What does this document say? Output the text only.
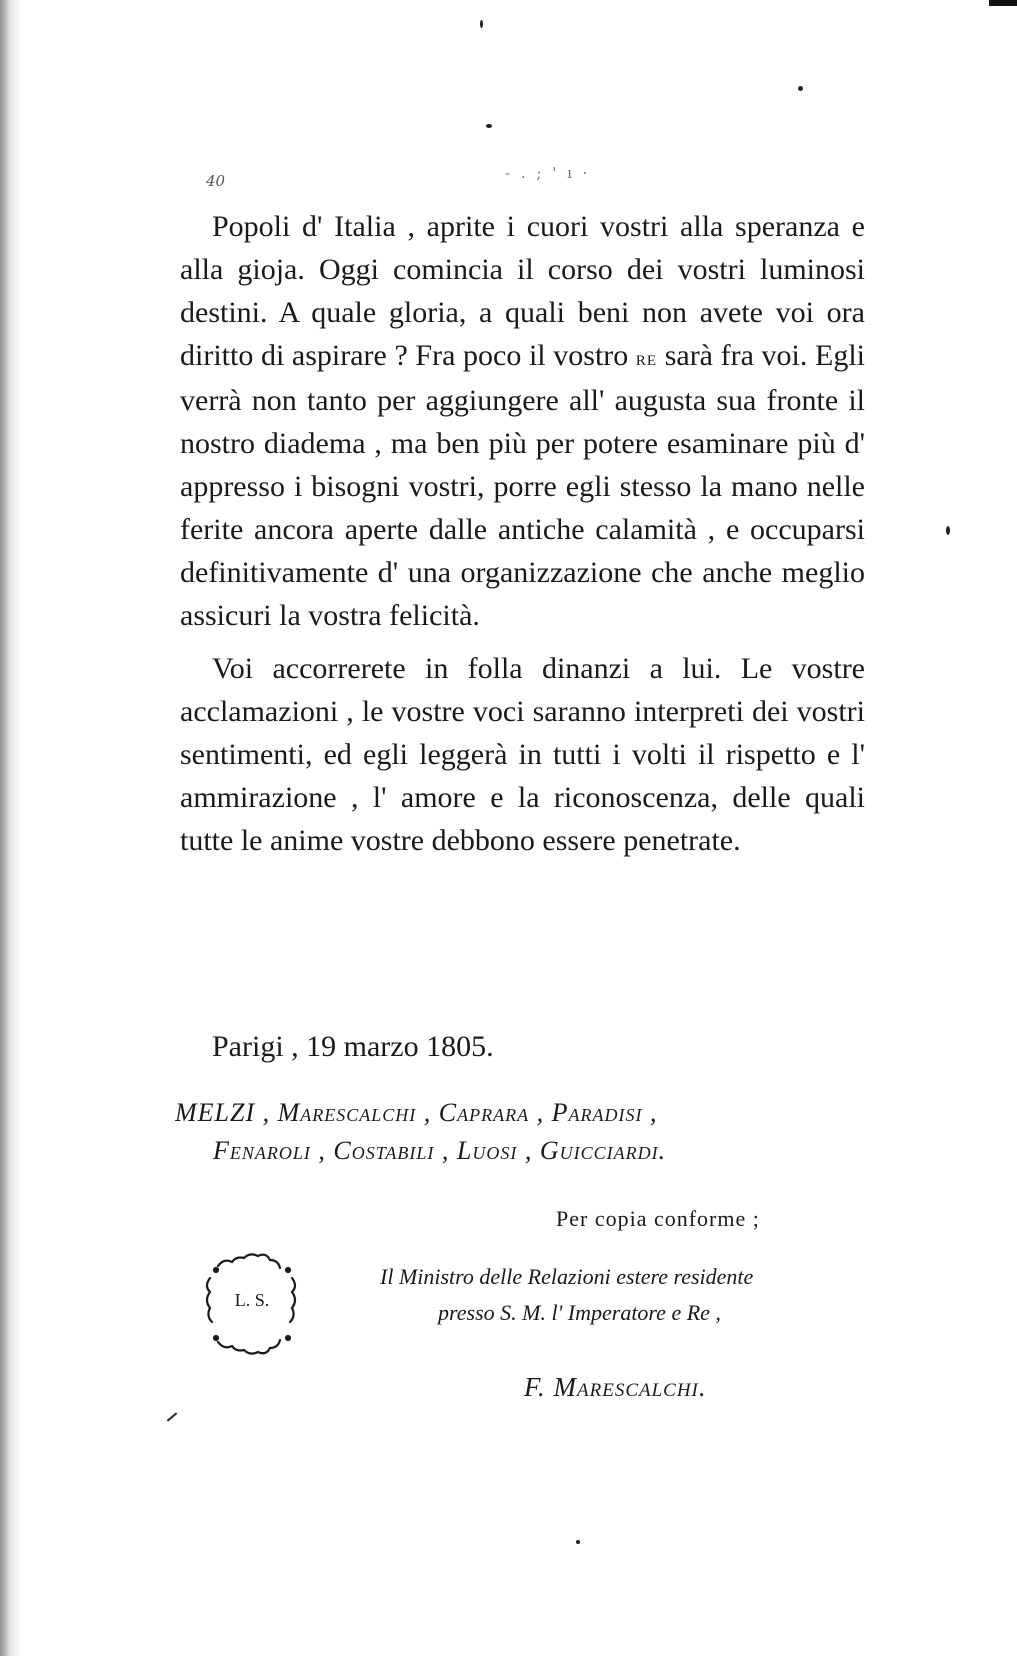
40	- . ; ' ı ·

Popoli d' Italia , aprite i cuori vostri alla speranza e alla gioja. Oggi comincia il corso dei vostri luminosi destini. A quale gloria, a quali beni non avete voi ora diritto di aspirare ? Fra poco il vostro re sarà fra voi. Egli verrà non tanto per aggiungere all' augusta sua fronte il nostro diadema , ma ben più per potere esaminare più d' appresso i bisogni vostri, porre egli stesso la mano nelle ferite ancora aperte dalle antiche calamità , e occuparsi definitivamente d' una organizzazione che anche meglio assicuri la vostra felicità.

Voi accorrerete in folla dinanzi a lui. Le vostre acclamazioni , le vostre voci saranno interpreti dei vostri sentimenti, ed egli leggerà in tutti i volti il rispetto e l' ammirazione , l' amore e la riconoscenza, delle quali tutte le anime vostre debbono essere penetrate.

Parigi , 19 marzo 1805.

MELZI , Marescalchi , Caprara , Paradisi ,

Fenaroli , Costabili , Luosi , Guicciardi.

Per copia conforme ;
L. S.

Il Ministro delle Relazioni estere residente

presso S. M. l' Imperatore e Re ,

F. Marescalchi.
